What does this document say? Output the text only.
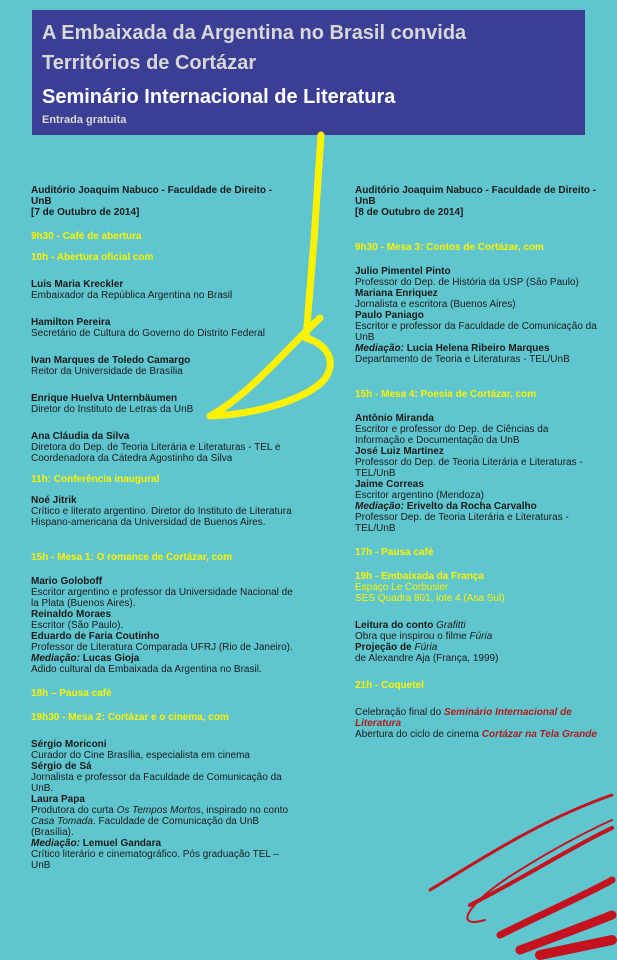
A Embaixada da Argentina no Brasil convida
Territórios de Cortázar
Seminário Internacional de Literatura
Entrada gratuita
Auditório Joaquim Nabuco - Faculdade de Direito - UnB
[7 de Outubro de 2014]
9h30 - Café de abertura
10h - Abertura oficial com
Luis Maria Kreckler
Embaixador da República Argentina no Brasil
Hamilton Pereira
Secretário de Cultura do Governo do Distrito Federal
Ivan Marques de Toledo Camargo
Reitor da Universidade de Brasília
Enrique Huelva Unternbäumen
Diretor do Instituto de Letras da UnB
Ana Cláudia da Silva
Diretora do Dep. de Teoria Literária e Literaturas - TEL e Coordenadora da Cátedra Agostinho da Silva
11h: Conferência inaugural
Noé Jitrik
Crítico e literato argentino. Diretor do Instituto de Literatura Hispano-americana da Universidad de Buenos Aires.
15h - Mesa 1: O romance de Cortázar, com
Mario Goloboff
Escritor argentino e professor da Universidade Nacional de la Plata (Buenos Aires).
Reinaldo Moraes
Escritor (São Paulo).
Eduardo de Faria Coutinho
Professor de Literatura Comparada UFRJ (Rio de Janeiro).
Mediação: Lucas Gioja
Adido cultural da Embaixada da Argentina no Brasil.
18h – Pausa café
19h30 - Mesa 2: Cortázar e o cinema, com
Sérgio Moriconi
Curador do Cine Brasília, especialista em cinema
Sérgio de Sá
Jornalista e professor da Faculdade de Comunicação da UnB.
Laura Papa
Produtora do curta Os Tempos Mortos, inspirado no conto Casa Tomada. Faculdade de Comunicação da UnB (Brasília).
Mediação: Lemuel Gandara
Crítico literário e cinematográfico. Pós graduação TEL – UnB
Auditório Joaquim Nabuco - Faculdade de Direito - UnB
[8 de Outubro de 2014]
9h30 - Mesa 3: Contos de Cortázar, com
Julio Pimentel Pinto
Professor do Dep. de História da USP (São Paulo)
Mariana Enriquez
Jornalista e escritora (Buenos Aires)
Paulo Paniago
Escritor e professor da Faculdade de Comunicação da UnB
Mediação: Lucia Helena Ribeiro Marques
Departamento de Teoria e Literaturas - TEL/UnB
15h - Mesa 4: Poesia de Cortázar, com
Antônio Miranda
Escritor e professor do Dep. de Ciências da Informação e Documentação da UnB
José Luiz Martinez
Professor do Dep. de Teoria Literária e Literaturas - TEL/UnB
Jaime Correas
Escritor argentino (Mendoza)
Mediação: Erivelto da Rocha Carvalho
Professor Dep. de Teoria Literária e Literaturas - TEL/UnB
17h - Pausa café
19h - Embaixada da França
Espaço Le Corbusier
SES Quadra 801, lote 4 (Asa Sul)
Leitura do conto Grafitti
Obra que inspirou o filme Fúria
Projeção de Fúria
de Alexandre Aja (França, 1999)
21h - Coquetel
Celebração final do Seminário Internacional de Literatura
Abertura do ciclo de cinema Cortázar na Tela Grande
